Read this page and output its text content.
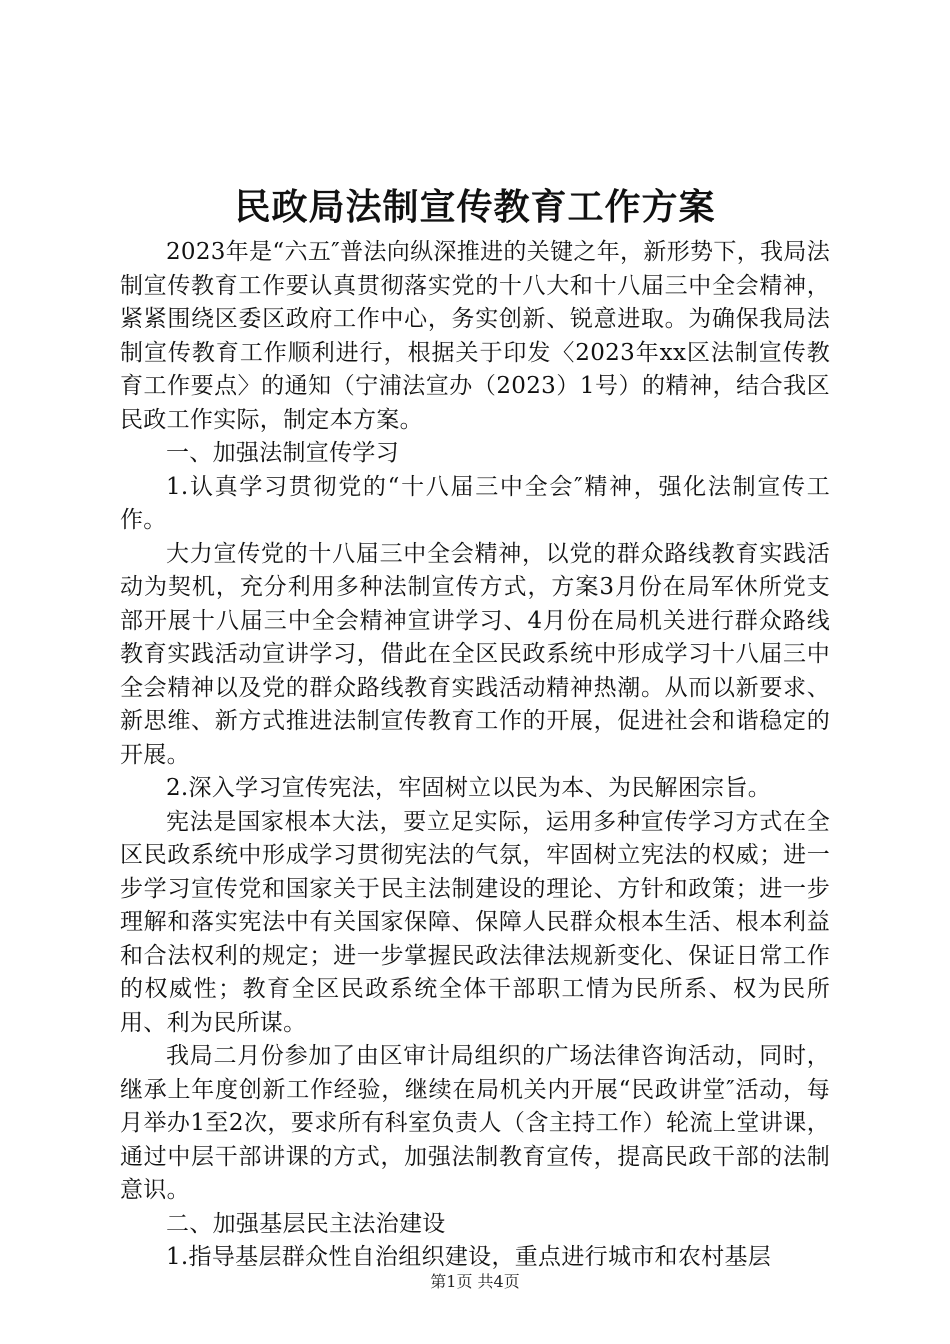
民政局法制宣传教育工作方案

2023年是“六五″普法向纵深推进的关键之年，新形势下，我局法制宣传教育工作要认真贯彻落实党的十八大和十八届三中全会精神，紧紧围绕区委区政府工作中心，务实创新、锐意进取。为确保我局法制宣传教育工作顺利进行，根据关于印发〈2023年xx区法制宣传教育工作要点〉的通知（宁浦法宣办（2023）1号）的精神，结合我区民政工作实际，制定本方案。

一、加强法制宣传学习

1.认真学习贯彻党的“十八届三中全会″精神，强化法制宣传工作。

大力宣传党的十八届三中全会精神，以党的群众路线教育实践活动为契机，充分利用多种法制宣传方式，方案3月份在局军休所党支部开展十八届三中全会精神宣讲学习、4月份在局机关进行群众路线教育实践活动宣讲学习，借此在全区民政系统中形成学习十八届三中全会精神以及党的群众路线教育实践活动精神热潮。从而以新要求、新思维、新方式推进法制宣传教育工作的开展，促进社会和谐稳定的开展。

2.深入学习宣传宪法，牢固树立以民为本、为民解困宗旨。

宪法是国家根本大法，要立足实际，运用多种宣传学习方式在全区民政系统中形成学习贯彻宪法的气氛，牢固树立宪法的权威；进一步学习宣传党和国家关于民主法制建设的理论、方针和政策；进一步理解和落实宪法中有关国家保障、保障人民群众根本生活、根本利益和合法权利的规定；进一步掌握民政法律法规新变化、保证日常工作的权威性；教育全区民政系统全体干部职工情为民所系、权为民所用、利为民所谋。

我局二月份参加了由区审计局组织的广场法律咨询活动，同时，继承上年度创新工作经验，继续在局机关内开展“民政讲堂″活动，每月举办1至2次，要求所有科室负责人（含主持工作）轮流上堂讲课，通过中层干部讲课的方式，加强法制教育宣传，提高民政干部的法制意识。

二、加强基层民主法治建设

1.指导基层群众性自治组织建设，重点进行城市和农村基层

第1页 共4页
